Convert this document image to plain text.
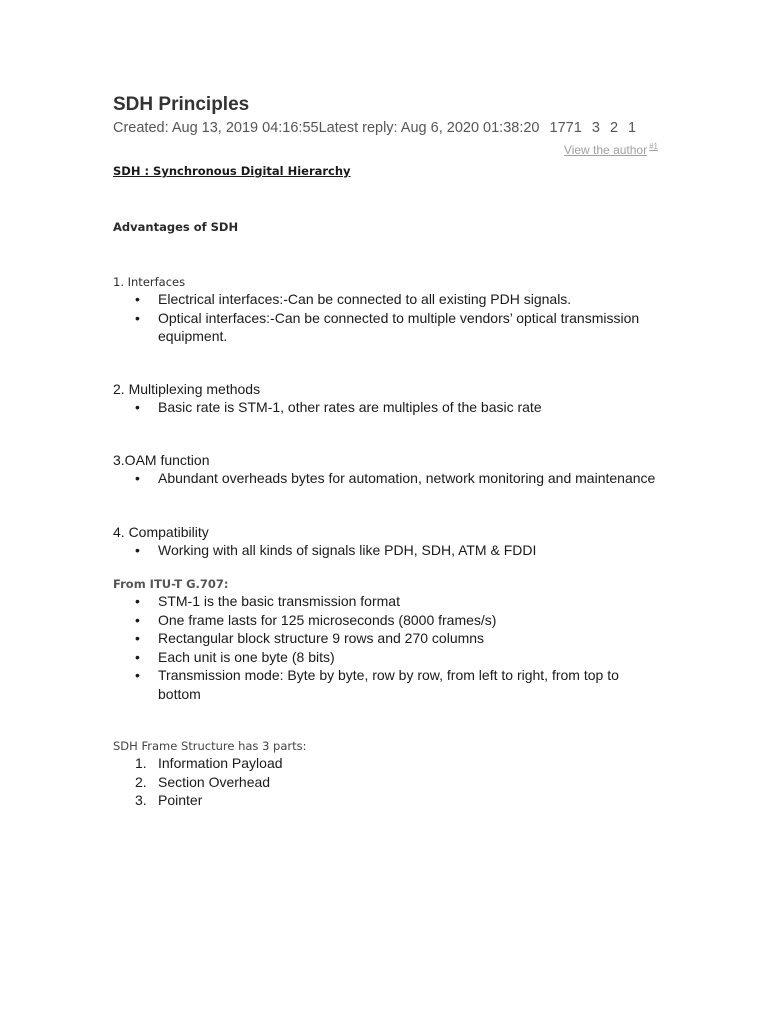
SDH Principles
Created: Aug 13, 2019 04:16:55Latest reply: Aug 6, 2020 01:38:20 1771 3 2 1
View the author $^{\#1}$
SDH : Synchronous Digital Hierarchy
Advantages of SDH
1. Interfaces
• Electrical interfaces:-Can be connected to all existing PDH signals.
• Optical interfaces:-Can be connected to multiple vendors’ optical transmission equipment.
2. Multiplexing methods
• Basic rate is STM-1, other rates are multiples of the basic rate
3.OAM function
• Abundant overheads bytes for automation, network monitoring and maintenance
4. Compatibility
• Working with all kinds of signals like PDH, SDH, ATM & FDDI
From ITU-T G.707:
• STM-1 is the basic transmission format
• One frame lasts for 125 microseconds (8000 frames/s)
• Rectangular block structure 9 rows and 270 columns
• Each unit is one byte (8 bits)
• Transmission mode: Byte by byte, row by row, from left to right, from top to bottom
SDH Frame Structure has 3 parts:
1. Information Payload
2. Section Overhead
3. Pointer
